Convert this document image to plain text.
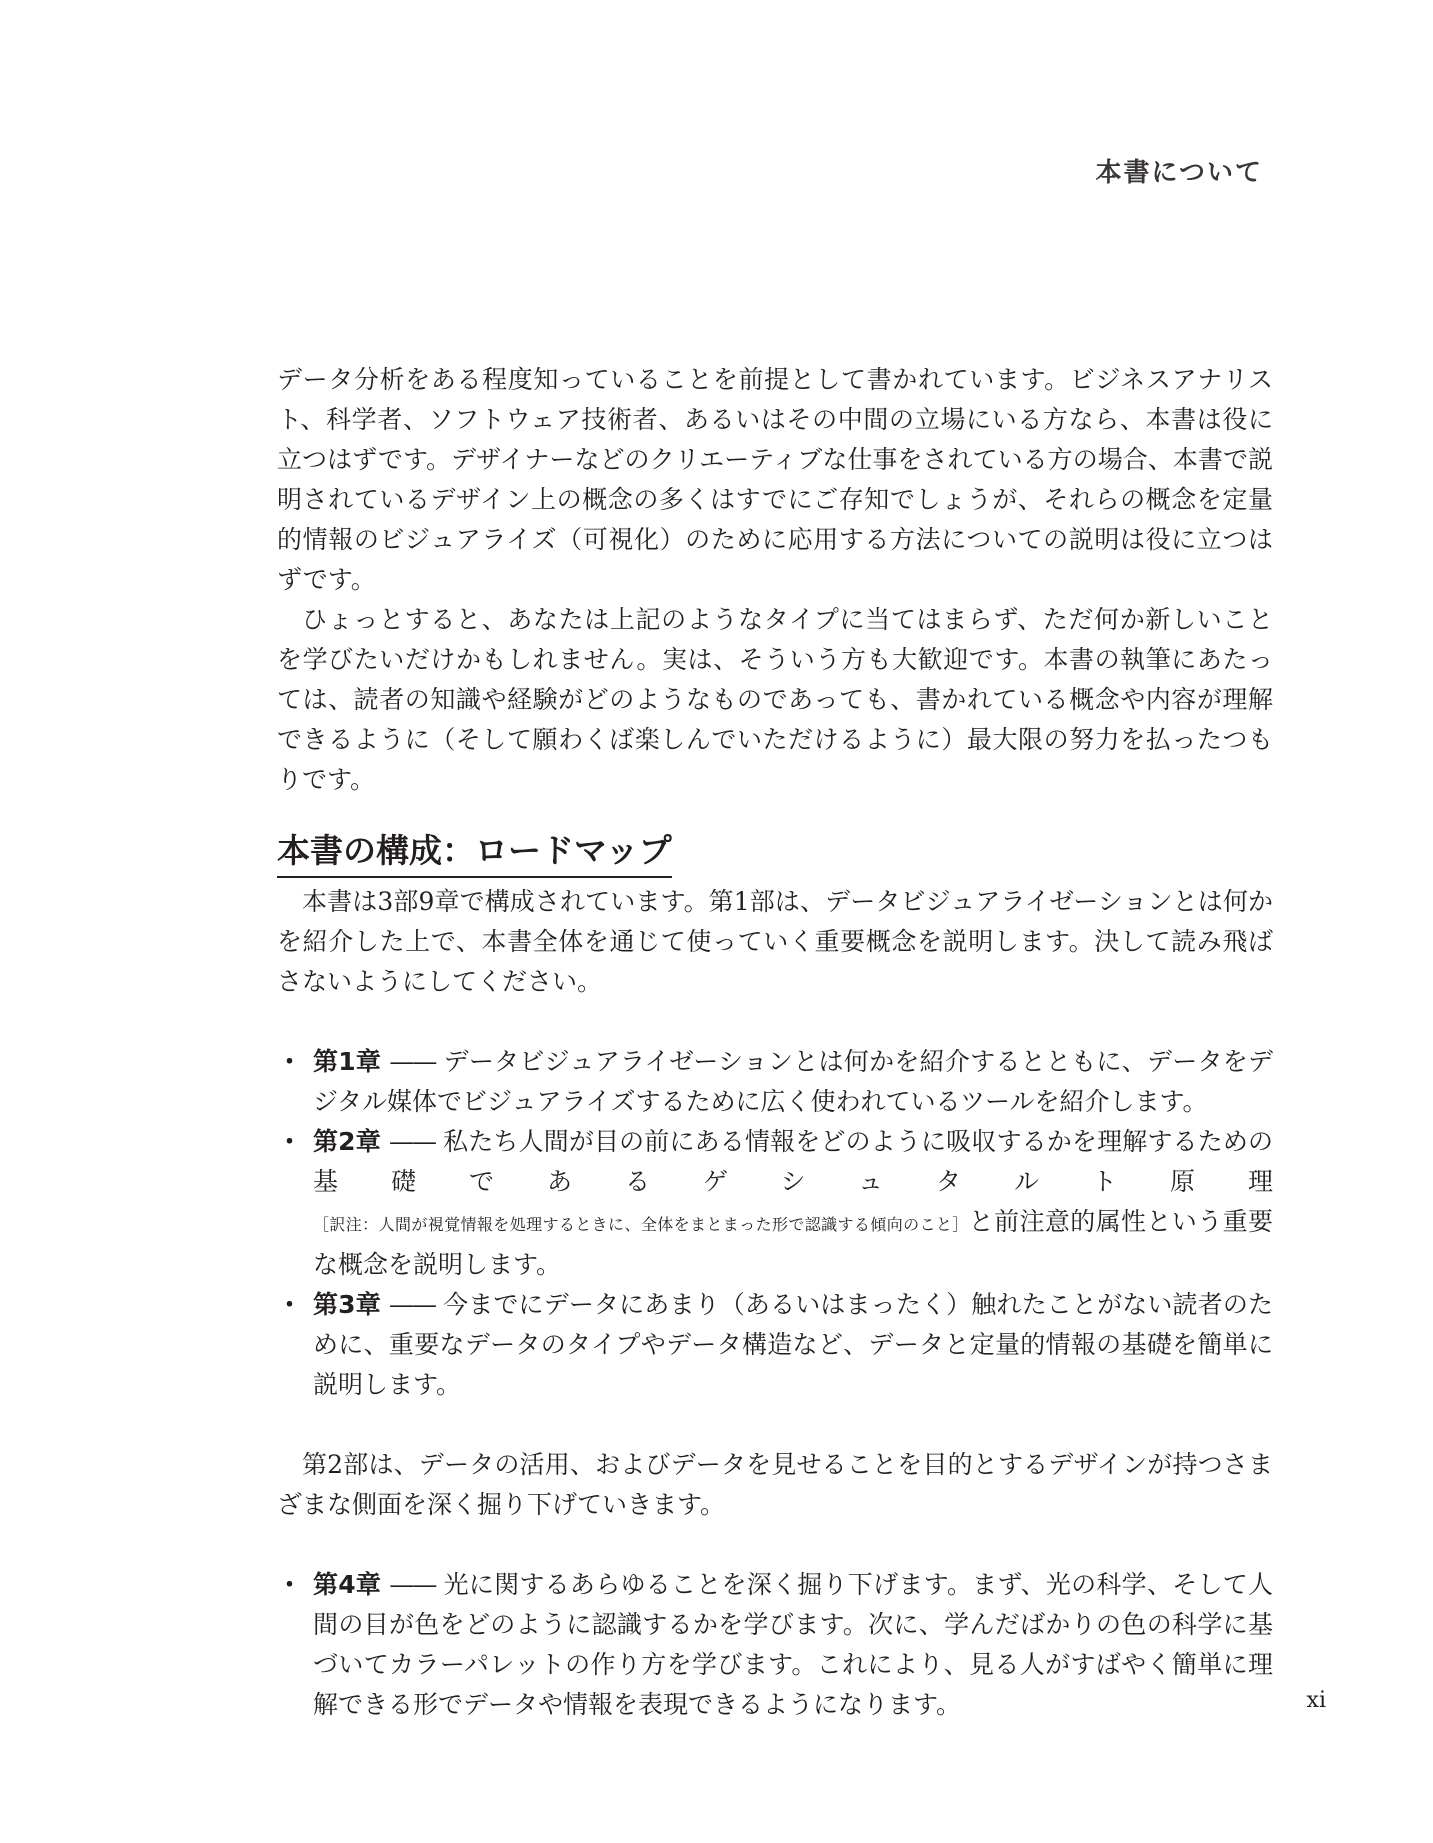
本書について

データ分析をある程度知っていることを前提として書かれています。ビジネスアナリスト、科学者、ソフトウェア技術者、あるいはその中間の立場にいる方なら、本書は役に立つはずです。デザイナーなどのクリエーティブな仕事をされている方の場合、本書で説明されているデザイン上の概念の多くはすでにご存知でしょうが、それらの概念を定量的情報のビジュアライズ（可視化）のために応用する方法についての説明は役に立つはずです。

ひょっとすると、あなたは上記のようなタイプに当てはまらず、ただ何か新しいことを学びたいだけかもしれません。実は、そういう方も大歓迎です。本書の執筆にあたっては、読者の知識や経験がどのようなものであっても、書かれている概念や内容が理解できるように（そして願わくば楽しんでいただけるように）最大限の努力を払ったつもりです。

本書の構成：ロードマップ

本書は3部9章で構成されています。第1部は、データビジュアライゼーションとは何かを紹介した上で、本書全体を通じて使っていく重要概念を説明します。決して読み飛ばさないようにしてください。

・ 第1章 —— データビジュアライゼーションとは何かを紹介するとともに、データをデジタル媒体でビジュアライズするために広く使われているツールを紹介します。
・ 第2章 —— 私たち人間が目の前にある情報をどのように吸収するかを理解するための基礎であるゲシュタルト原理［訳注：人間が視覚情報を処理するときに、全体をまとまった形で認識する傾向のこと］と前注意的属性という重要な概念を説明します。
・ 第3章 —— 今までにデータにあまり（あるいはまったく）触れたことがない読者のために、重要なデータのタイプやデータ構造など、データと定量的情報の基礎を簡単に説明します。

第2部は、データの活用、およびデータを見せることを目的とするデザインが持つさまざまな側面を深く掘り下げていきます。

・ 第4章 —— 光に関するあらゆることを深く掘り下げます。まず、光の科学、そして人間の目が色をどのように認識するかを学びます。次に、学んだばかりの色の科学に基づいてカラーパレットの作り方を学びます。これにより、見る人がすばやく簡単に理解できる形でデータや情報を表現できるようになります。	xi
